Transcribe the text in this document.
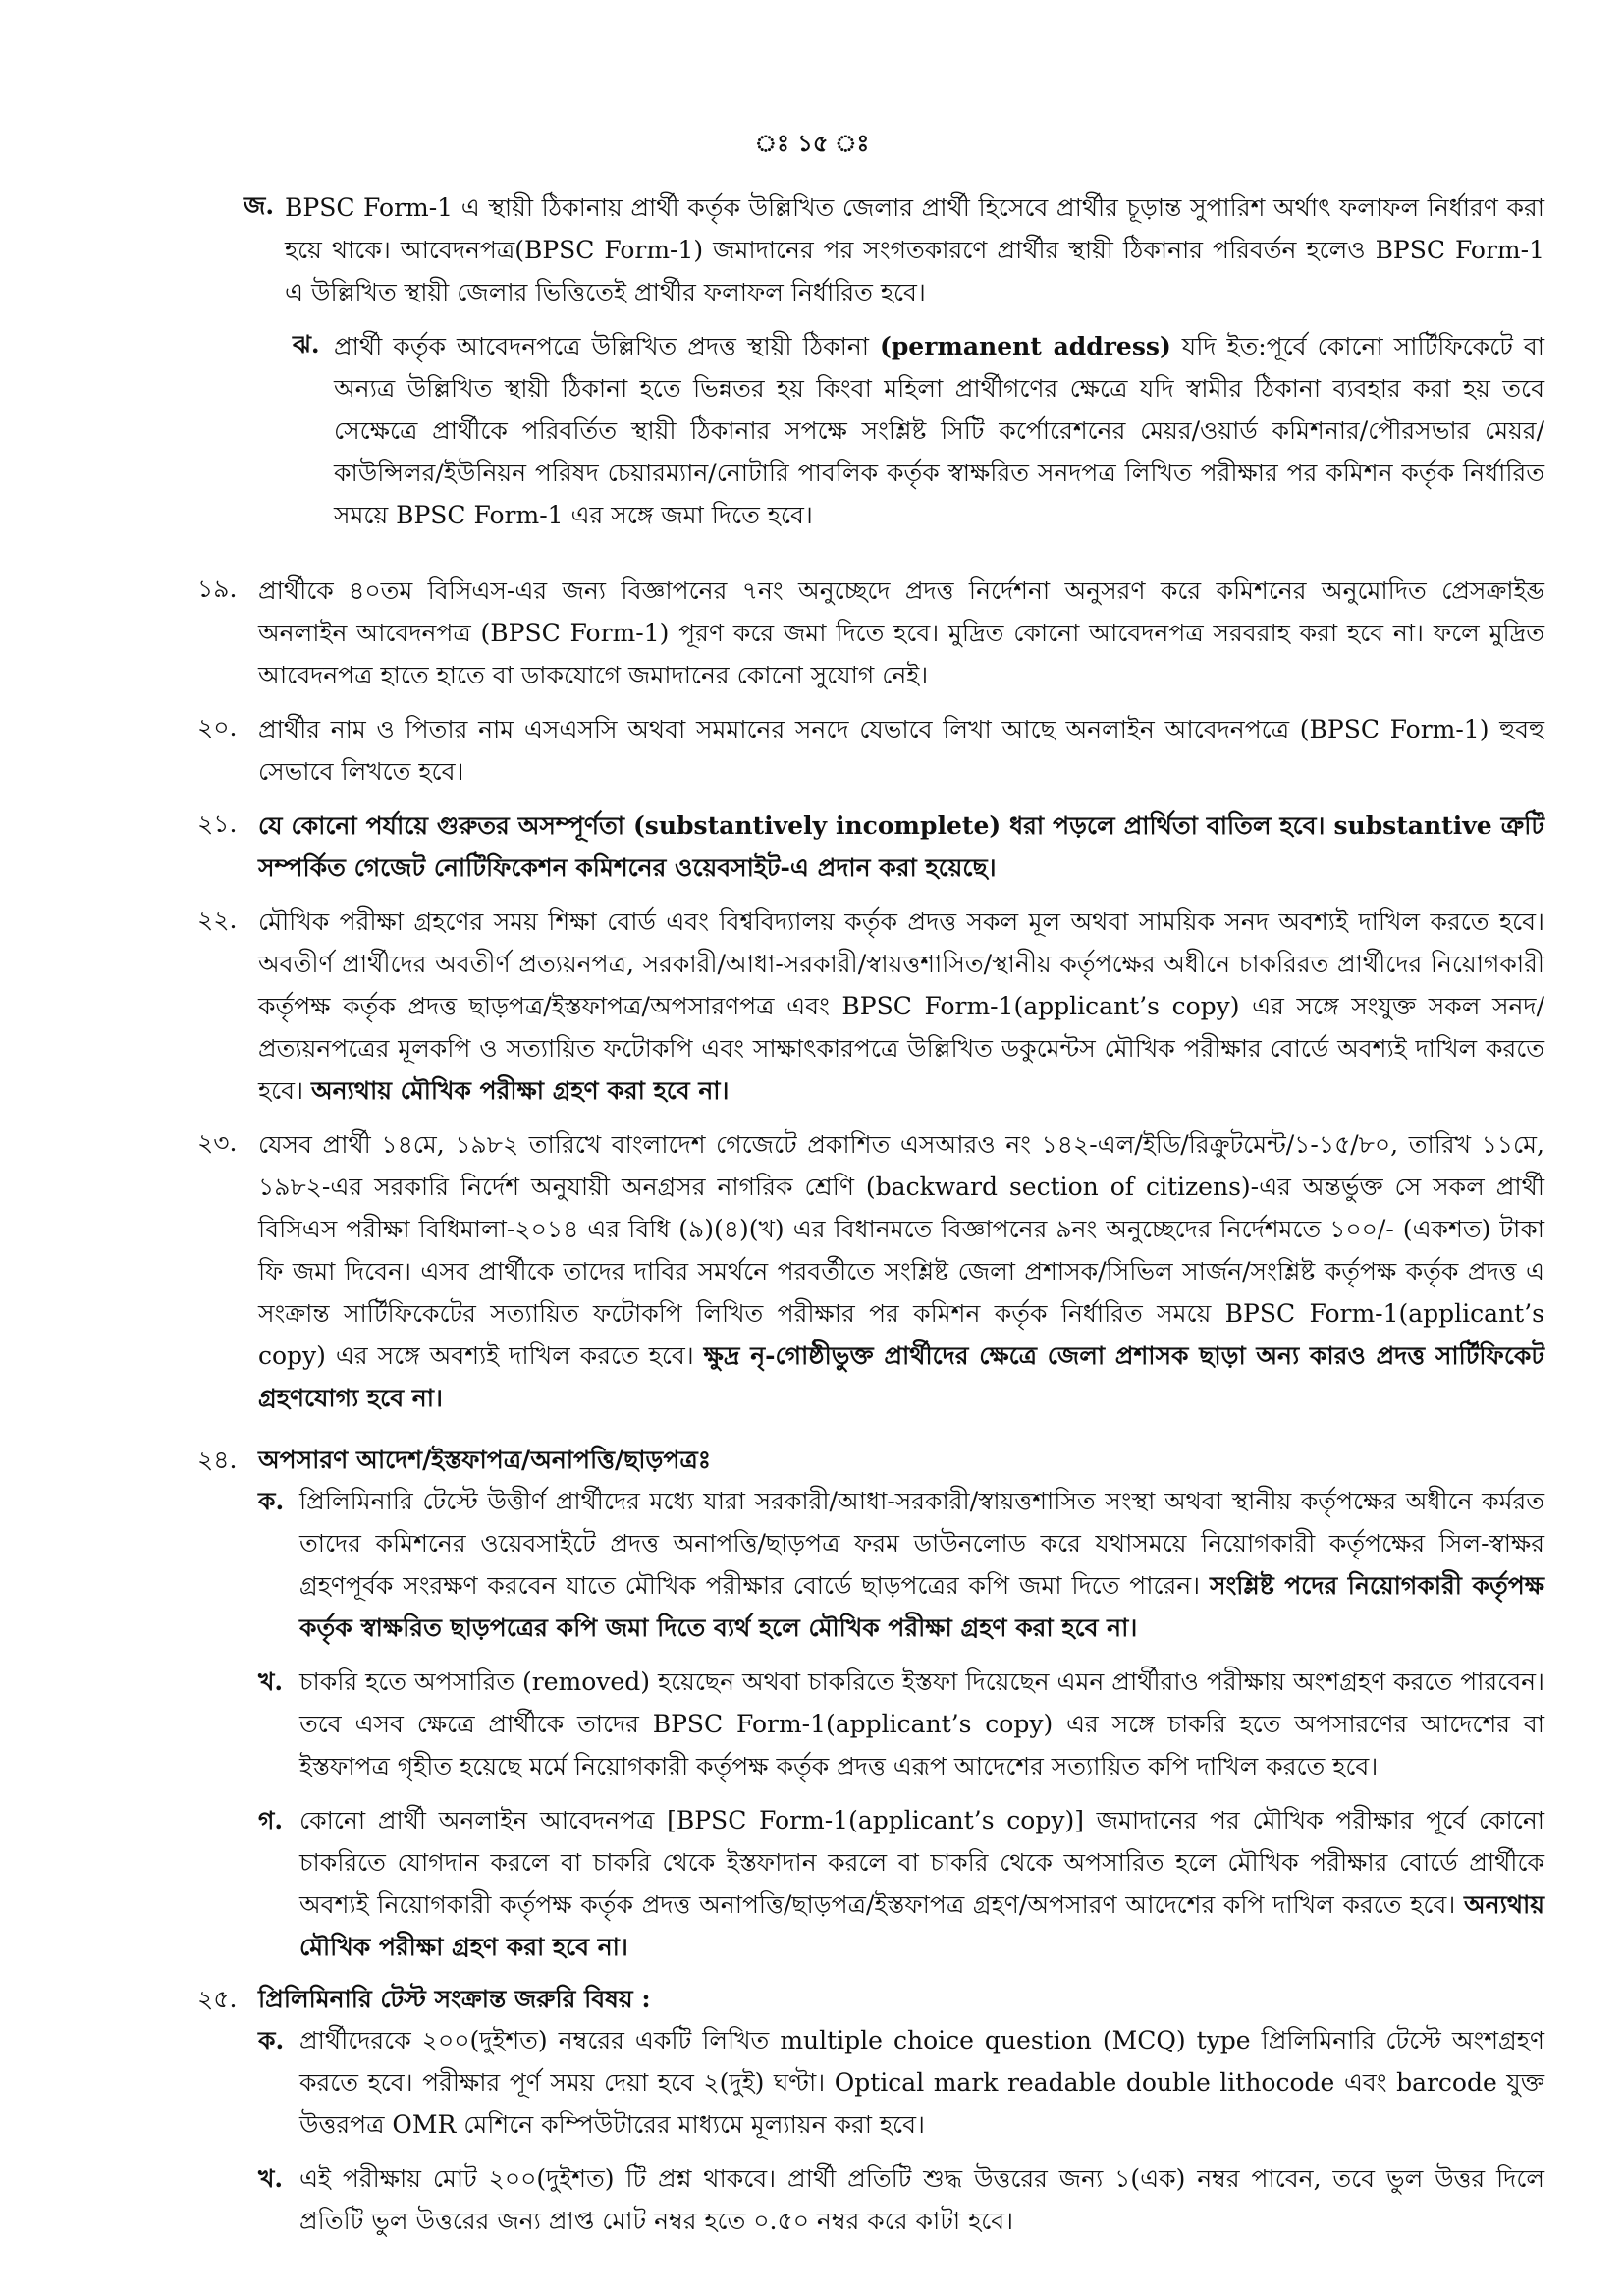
ঃ ১৫ ঃ
জ. BPSC Form-1 এ স্থায়ী ঠিকানায় প্রার্থী কর্তৃক উল্লিখিত জেলার প্রার্থী হিসেবে প্রার্থীর চূড়ান্ত সুপারিশ অর্থাৎ ফলাফল নির্ধারণ করা হয়ে থাকে। আবেদনপত্র(BPSC Form-1) জমাদানের পর সংগতকারণে প্রার্থীর স্থায়ী ঠিকানার পরিবর্তন হলেও BPSC Form-1 এ উল্লিখিত স্থায়ী জেলার ভিত্তিতেই প্রার্থীর ফলাফল নির্ধারিত হবে।
ঝ. প্রার্থী কর্তৃক আবেদনপত্রে উল্লিখিত প্রদত্ত স্থায়ী ঠিকানা (permanent address) যদি ইত:পূর্বে কোনো সার্টিফিকেটে বা অন্যত্র উল্লিখিত স্থায়ী ঠিকানা হতে ভিন্নতর হয় কিংবা মহিলা প্রার্থীগণের ক্ষেত্রে যদি স্বামীর ঠিকানা ব্যবহার করা হয় তবে সেক্ষেত্রে প্রার্থীকে পরিবর্তিত স্থায়ী ঠিকানার সপক্ষে সংশ্লিষ্ট সিটি কর্পোরেশনের মেয়র/ওয়ার্ড কমিশনার/পৌরসভার মেয়র/কাউন্সিলর/ইউনিয়ন পরিষদ চেয়ারম্যান/নোটারি পাবলিক কর্তৃক স্বাক্ষরিত সনদপত্র লিখিত পরীক্ষার পর কমিশন কর্তৃক নির্ধারিত সময়ে BPSC Form-1 এর সঙ্গে জমা দিতে হবে।
১৯. প্রার্থীকে ৪০তম বিসিএস-এর জন্য বিজ্ঞাপনের ৭নং অনুচ্ছেদে প্রদত্ত নির্দেশনা অনুসরণ করে কমিশনের অনুমোদিত প্রেসক্রাইব্ড অনলাইন আবেদনপত্র (BPSC Form-1) পূরণ করে জমা দিতে হবে। মুদ্রিত কোনো আবেদনপত্র সরবরাহ করা হবে না। ফলে মুদ্রিত আবেদনপত্র হাতে হাতে বা ডাকযোগে জমাদানের কোনো সুযোগ নেই।
২০. প্রার্থীর নাম ও পিতার নাম এসএসসি অথবা সমমানের সনদে যেভাবে লিখা আছে অনলাইন আবেদনপত্রে (BPSC Form-1) হুবহু সেভাবে লিখতে হবে।
২১. যে কোনো পর্যায়ে গুরুতর অসম্পূর্ণতা (substantively incomplete) ধরা পড়লে প্রার্থিতা বাতিল হবে। substantive ত্রুটি সম্পর্কিত গেজেট নোটিফিকেশন কমিশনের ওয়েবসাইট-এ প্রদান করা হয়েছে।
২২. মৌখিক পরীক্ষা গ্রহণের সময় শিক্ষা বোর্ড এবং বিশ্ববিদ্যালয় কর্তৃক প্রদত্ত সকল মূল অথবা সাময়িক সনদ অবশ্যই দাখিল করতে হবে। অবতীর্ণ প্রার্থীদের অবতীর্ণ প্রত্যয়নপত্র, সরকারী/আধা-সরকারী/স্বায়ত্তশাসিত/স্থানীয় কর্তৃপক্ষের অধীনে চাকরিরত প্রার্থীদের নিয়োগকারী কর্তৃপক্ষ কর্তৃক প্রদত্ত ছাড়পত্র/ইস্তফাপত্র/অপসারণপত্র এবং BPSC Form-1(applicant’s copy) এর সঙ্গে সংযুক্ত সকল সনদ/প্রত্যয়নপত্রের মূলকপি ও সত্যায়িত ফটোকপি এবং সাক্ষাৎকারপত্রে উল্লিখিত ডকুমেন্টস মৌখিক পরীক্ষার বোর্ডে অবশ্যই দাখিল করতে হবে। অন্যথায় মৌখিক পরীক্ষা গ্রহণ করা হবে না।
২৩. যেসব প্রার্থী ১৪মে, ১৯৮২ তারিখে বাংলাদেশ গেজেটে প্রকাশিত এসআরও নং ১৪২-এল/ইডি/রিক্রুটমেন্ট/১-১৫/৮০, তারিখ ১১মে, ১৯৮২-এর সরকারি নির্দেশ অনুযায়ী অনগ্রসর নাগরিক শ্রেণি (backward section of citizens)-এর অন্তর্ভুক্ত সে সকল প্রার্থী বিসিএস পরীক্ষা বিধিমালা-২০১৪ এর বিধি (৯)(৪)(খ) এর বিধানমতে বিজ্ঞাপনের ৯নং অনুচ্ছেদের নির্দেশমতে ১০০/- (একশত) টাকা ফি জমা দিবেন। এসব প্রার্থীকে তাদের দাবির সমর্থনে পরবর্তীতে সংশ্লিষ্ট জেলা প্রশাসক/সিভিল সার্জন/সংশ্লিষ্ট কর্তৃপক্ষ কর্তৃক প্রদত্ত এ সংক্রান্ত সার্টিফিকেটের সত্যায়িত ফটোকপি লিখিত পরীক্ষার পর কমিশন কর্তৃক নির্ধারিত সময়ে BPSC Form-1(applicant’s copy) এর সঙ্গে অবশ্যই দাখিল করতে হবে। ক্ষুদ্র নৃ-গোষ্ঠীভুক্ত প্রার্থীদের ক্ষেত্রে জেলা প্রশাসক ছাড়া অন্য কারও প্রদত্ত সার্টিফিকেট গ্রহণযোগ্য হবে না।
২৪. অপসারণ আদেশ/ইস্তফাপত্র/অনাপত্তি/ছাড়পত্রঃ
ক. প্রিলিমিনারি টেস্টে উত্তীর্ণ প্রার্থীদের মধ্যে যারা সরকারী/আধা-সরকারী/স্বায়ত্তশাসিত সংস্থা অথবা স্থানীয় কর্তৃপক্ষের অধীনে কর্মরত তাদের কমিশনের ওয়েবসাইটে প্রদত্ত অনাপত্তি/ছাড়পত্র ফরম ডাউনলোড করে যথাসময়ে নিয়োগকারী কর্তৃপক্ষের সিল-স্বাক্ষর গ্রহণপূর্বক সংরক্ষণ করবেন যাতে মৌখিক পরীক্ষার বোর্ডে ছাড়পত্রের কপি জমা দিতে পারেন। সংশ্লিষ্ট পদের নিয়োগকারী কর্তৃপক্ষ কর্তৃক স্বাক্ষরিত ছাড়পত্রের কপি জমা দিতে ব্যর্থ হলে মৌখিক পরীক্ষা গ্রহণ করা হবে না।
খ. চাকরি হতে অপসারিত (removed) হয়েছেন অথবা চাকরিতে ইস্তফা দিয়েছেন এমন প্রার্থীরাও পরীক্ষায় অংশগ্রহণ করতে পারবেন। তবে এসব ক্ষেত্রে প্রার্থীকে তাদের BPSC Form-1(applicant’s copy) এর সঙ্গে চাকরি হতে অপসারণের আদেশের বা ইস্তফাপত্র গৃহীত হয়েছে মর্মে নিয়োগকারী কর্তৃপক্ষ কর্তৃক প্রদত্ত এরূপ আদেশের সত্যায়িত কপি দাখিল করতে হবে।
গ. কোনো প্রার্থী অনলাইন আবেদনপত্র [BPSC Form-1(applicant’s copy)] জমাদানের পর মৌখিক পরীক্ষার পূর্বে কোনো চাকরিতে যোগদান করলে বা চাকরি থেকে ইস্তফাদান করলে বা চাকরি থেকে অপসারিত হলে মৌখিক পরীক্ষার বোর্ডে প্রার্থীকে অবশ্যই নিয়োগকারী কর্তৃপক্ষ কর্তৃক প্রদত্ত অনাপত্তি/ছাড়পত্র/ইস্তফাপত্র গ্রহণ/অপসারণ আদেশের কপি দাখিল করতে হবে। অন্যথায় মৌখিক পরীক্ষা গ্রহণ করা হবে না।
২৫. প্রিলিমিনারি টেস্ট সংক্রান্ত জরুরি বিষয় :
ক. প্রার্থীদেরকে ২০০(দুইশত) নম্বরের একটি লিখিত multiple choice question (MCQ) type প্রিলিমিনারি টেস্টে অংশগ্রহণ করতে হবে। পরীক্ষার পূর্ণ সময় দেয়া হবে ২(দুই) ঘণ্টা। Optical mark readable double lithocode এবং barcode যুক্ত উত্তরপত্র OMR মেশিনে কম্পিউটারের মাধ্যমে মূল্যায়ন করা হবে।
খ. এই পরীক্ষায় মোট ২০০(দুইশত) টি প্রশ্ন থাকবে। প্রার্থী প্রতিটি শুদ্ধ উত্তরের জন্য ১(এক) নম্বর পাবেন, তবে ভুল উত্তর দিলে প্রতিটি ভুল উত্তরের জন্য প্রাপ্ত মোট নম্বর হতে ০.৫০ নম্বর করে কাটা হবে।
